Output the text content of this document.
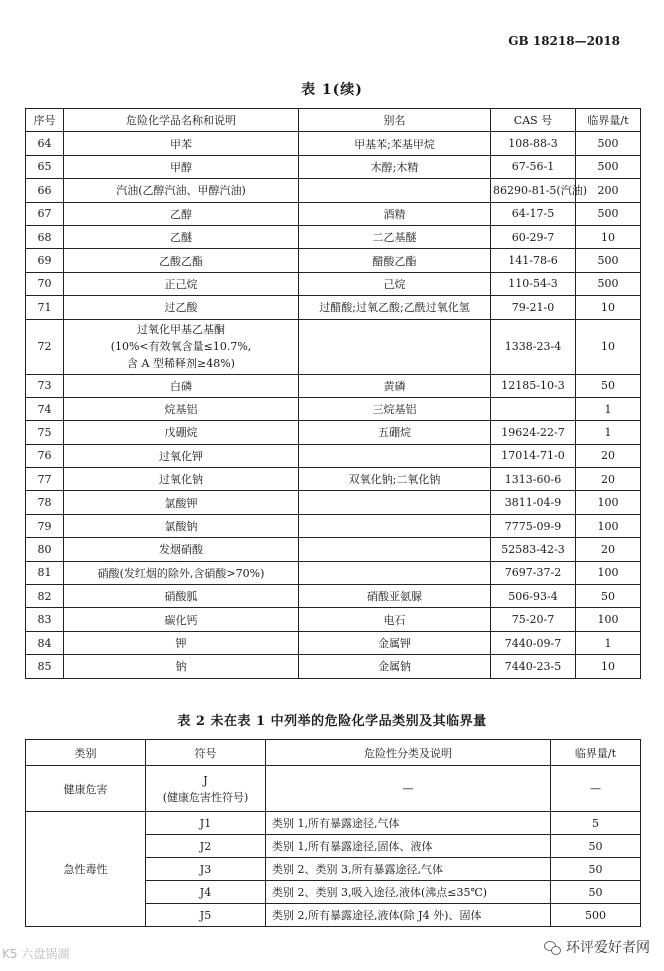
GB 18218—2018
表 1(续)
序号	危险化学品名称和说明	别名	CAS 号	临界量/t
64	甲苯	甲基苯;苯基甲烷	108-88-3	500
65	甲醇	木醇;木精	67-56-1	500
66	汽油(乙醇汽油、甲醇汽油)		86290-81-5(汽油)	200
67	乙醇	酒精	64-17-5	500
68	乙醚	二乙基醚	60-29-7	10
69	乙酸乙酯	醋酸乙酯	141-78-6	500
70	正己烷	己烷	110-54-3	500
71	过乙酸	过醋酸;过氧乙酸;乙酰过氧化氢	79-21-0	10
72	过氧化甲基乙基酮
(10%<有效氧含量≤10.7%,
含 A 型稀释剂≥48%)		1338-23-4	10
73	白磷	黄磷	12185-10-3	50
74	烷基铝	三烷基铝		1
75	戊硼烷	五硼烷	19624-22-7	1
76	过氧化钾		17014-71-0	20
77	过氧化钠	双氧化钠;二氧化钠	1313-60-6	20
78	氯酸钾		3811-04-9	100
79	氯酸钠		7775-09-9	100
80	发烟硝酸		52583-42-3	20
81	硝酸(发红烟的除外,含硝酸>70%)		7697-37-2	100
82	硝酸胍	硝酸亚氨脲	506-93-4	50
83	碳化钙	电石	75-20-7	100
84	钾	金属钾	7440-09-7	1
85	钠	金属钠	7440-23-5	10
表 2 未在表 1 中列举的危险化学品类别及其临界量
类别	符号	危险性分类及说明	临界量/t
健康危害	J
(健康危害性符号)	—	—
急性毒性	J1	类别 1,所有暴露途径,气体	5
	J2	类别 1,所有暴露途径,固体、液体	50
	J3	类别 2、类别 3,所有暴露途径,气体	50
	J4	类别 2、类别 3,吸入途径,液体(沸点≤35℃)	50
	J5	类别 2,所有暴露途径,液体(除 J4 外)、固体	500
K5 六盘锅湖	环评爱好者网
